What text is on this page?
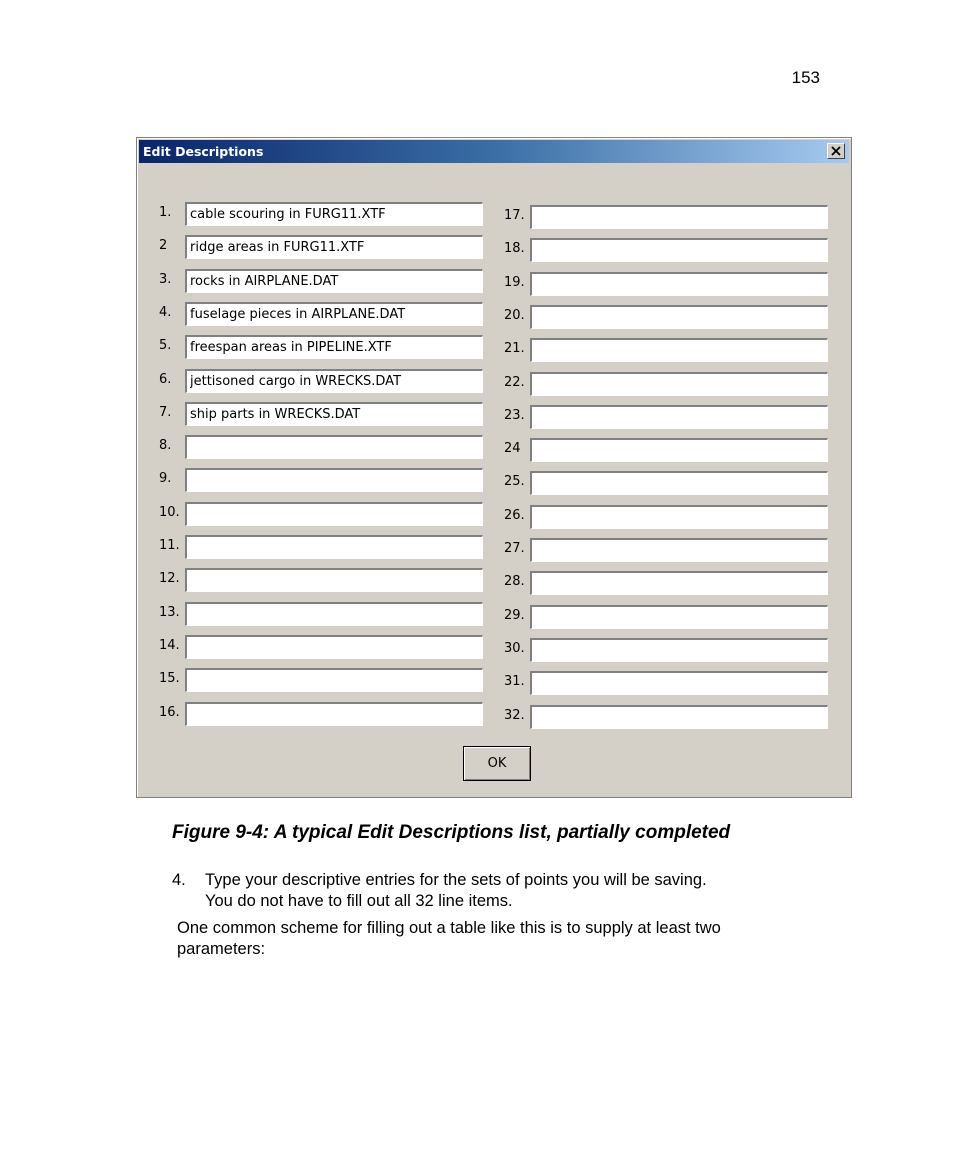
153
Edit Descriptions
1.
cable scouring in FURG11.XTF
2
ridge areas in FURG11.XTF
3.
rocks in AIRPLANE.DAT
4.
fuselage pieces in AIRPLANE.DAT
5.
freespan areas in PIPELINE.XTF
6.
jettisoned cargo in WRECKS.DAT
7.
ship parts in WRECKS.DAT
8.
9.
10.
11.
12.
13.
14.
15.
16.
17.
18.
19.
20.
21.
22.
23.
24
25.
26.
27.
28.
29.
30.
31.
32.
OK
Figure 9-4: A typical Edit Descriptions list, partially completed
4. Type your descriptive entries for the sets of points you will be saving.
You do not have to fill out all 32 line items.
One common scheme for filling out a table like this is to supply at least two
parameters:
